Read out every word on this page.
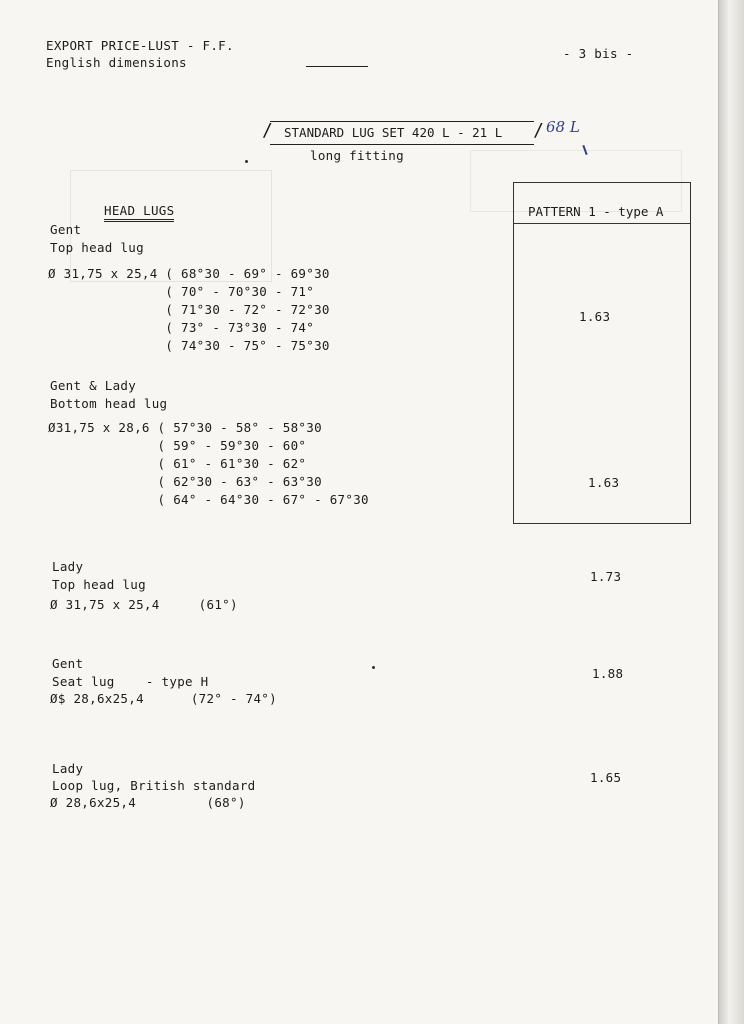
EXPORT PRICE-LUST - F.F.
English dimensions
- 3 bis -
/ STANDARD LUG SET 420 L - 21 L / 68 L
long fitting
PATTERN 1 - type A
HEAD LUGS
Gent
Top head lug
Ø 31,75 x 25,4 ( 68°30 - 69° - 69°30
( 70° - 70°30 - 71°
( 71°30 - 72° - 72°30
( 73° - 73°30 - 74°
( 74°30 - 75° - 75°30
1.63
Gent & Lady
Bottom head lug
Ø31,75 x 28,6 ( 57°30 - 58° - 58°30
( 59° - 59°30 - 60°
( 61° - 61°30 - 62°
( 62°30 - 63° - 63°30
( 64° - 64°30 - 67° - 67°30
1.63
Lady
Top head lug
Ø 31,75 x 25,4     (61°)
1.73
Gent
Seat lug    - type H
Ø$ 28,6x25,4      (72° - 74°)
1.88
Lady
Loop lug, British standard
Ø 28,6x25,4         (68°)
1.65
